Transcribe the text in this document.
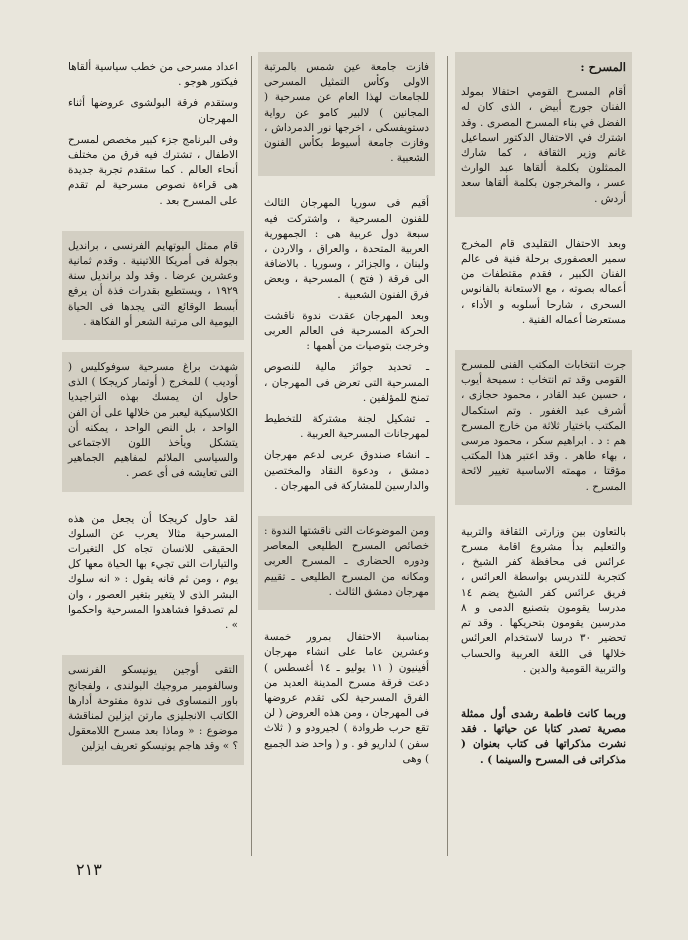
المسرح :

أقام المسرح القومي احتفالا بمولد الفنان جورج أبيض ، الذى كان له الفضل في بناء المسرح المصرى . وقد اشترك في الاحتفال الدكتور اسماعيل غانم وزير الثقافة ، كما شارك الممثلون بكلمة ألقاها عبد الوارث عسر ، والمخرجون بكلمة ألقاها سعد أردش .

وبعد الاحتفال التقليدى قام المخرج سمير العصفورى برحلة فنية فى عالم الفنان الكبير ، فقدم مقتطفات من أعماله بصوته ، مع الاستعانة بالفانوس السحرى ، شارحا أسلوبه و الأداء ، مستعرضا أعماله الفنية .

جرت انتخابات المكتب الفنى للمسرح القومى وقد تم انتخاب : سميحة أيوب ، حسين عبد القادر ، محمود حجازى ، أشرف عبد الغفور . وتم استكمال المكتب باختيار ثلاثة من خارج المسرح هم : د . ابراهيم سكر ، محمود مرسى ، بهاء طاهر . وقد اعتبر هذا المكتب مؤقتا ، مهمته الاساسية تغيير لائحة المسرح .

بالتعاون بين وزارتى الثقافة والتربية والتعليم بدأ مشروع اقامة مسرح عرائس فى محافظة كفر الشيخ ، كتجربة للتدريس بواسطة العرائس ، فريق عرائس كفر الشيخ يضم ١٤ مدرسا يقومون بتصنيع الدمى و ٨ مدرسين يقومون بتحريكها . وقد تم تحضير ٣٠ درسا لاستخدام العرائس خلالها فى اللغة العربية والحساب والتربية القومية والدين .

وربما كانت فاطمة رشدى أول ممثلة مصرية تصدر كتابا عن حياتها . فقد نشرت مذكراتها فى كتاب بعنوان ( مذكراتى فى المسرح والسينما ) .

فازت جامعة عين شمس بالمرتبة الاولى وكأس التمثيل المسرحى للجامعات لهذا العام عن مسرحية ( المجانين ) لالبير كامو عن رواية دستويفسكى ، اخرجها نور الدمرداش ، وفازت جامعة أسيوط بكأس الفنون الشعبية .

أقيم فى سوريا المهرجان الثالث للفنون المسرحية ، واشتركت فيه سبعة دول عربية هى : الجمهورية العربية المتحدة ، والعراق ، والاردن ، ولبنان ، والجزائر ، وسوريا . بالاضافة الى فرقة ( فتح ) المسرحية ، وبعض فرق الفنون الشعبية .

وبعد المهرجان عقدت ندوة ناقشت الحركة المسرحية فى العالم العربى وخرجت بتوصيات من أهمها :

ـ تحديد جوائز مالية للنصوص المسرحية التى تعرض فى المهرجان ، تمنح للمؤلفين .

ـ تشكيل لجنة مشتركة للتخطيط لمهرجانات المسرحية العربية .

ـ انشاء صندوق عربى لدعم مهرجان دمشق ، ودعوة النقاد والمختصين والدارسين للمشاركة فى المهرجان .

ومن الموضوعات التى ناقشتها الندوة : خصائص المسرح الطليعى المعاصر ودوره الحضارى ـ المسرح العربى ومكانه من المسرح الطليعى ـ تقييم مهرجان دمشق الثالث .

بمناسبة الاحتفال بمرور خمسة وعشرين عاما على انشاء مهرجان أفينيون ( ١١ يوليو ـ ١٤ أغسطس ) دعت فرقة مسرح المدينة العديد من الفرق المسرحية لكى تقدم عروضها فى المهرجان ، ومن هذه العروض ( لن تقع حرب طروادة ) لجيرودو و ( ثلاث سفن ) لداريو فو . و ( واحد ضد الجميع ) وهى

اعداد مسرحى من خطب سياسية ألقاها فيكتور هوجو .

وستقدم فرقة البولشوى عروضها أثناء المهرجان

وفى البرنامج جزء كبير مخصص لمسرح الاطفال ، تشترك فيه فرق من مختلف أنحاء العالم . كما ستقدم تجربة جديدة هى قراءة نصوص مسرحية لم تقدم على المسرح بعد .

قام ممثل البوتهايم الفرنسى ، برانديل بجولة فى أمريكا اللاتينية . وقدم ثمانية وعشرين عرضا . وقد ولد برانديل سنة ١٩٢٩ ، ويستطيع بقدرات فذة أن يرفع أبسط الوقائع التى يجدها فى الحياة اليومية الى مرتبة الشعر أو الفكاهة .

شهدت براغ مسرحية سوفوكليس ( أوديب ) للمخرج ( أوتمار كريجكا ) الذى حاول ان يمسك بهذه التراجيديا الكلاسيكية ليعبر من خلالها على أن الفن الواحد ، بل النص الواحد ، يمكنه أن يتشكل ويأخذ اللون الاجتماعى والسياسى الملائم لمفاهيم الجماهير التى تعايشه فى أى عصر .

لقد حاول كريجكا أن يجعل من هذه المسرحية مثالا يعرب عن السلوك الحقيقى للانسان تجاه كل التغيرات والتيارات التى تجيء بها الحياة معها كل يوم ، ومن ثم فانه يقول : « انه سلوك البشر الذى لا يتغير بتغير العصور ، وان لم تصدقوا فشاهدوا المسرحية واحكموا » .

التقى أوجين يونيسكو الفرنسى وسالفومير مروجيك البولندى ، ولفجانج باور النمساوى فى ندوة مفتوحة أدارها الكاتب الانجليزى مارتن ايزلين لمناقشة موضوع : « وماذا بعد مسرح اللامعقول ؟ » وقد هاجم يونيسكو تعريف ايزلين

٢١٣
